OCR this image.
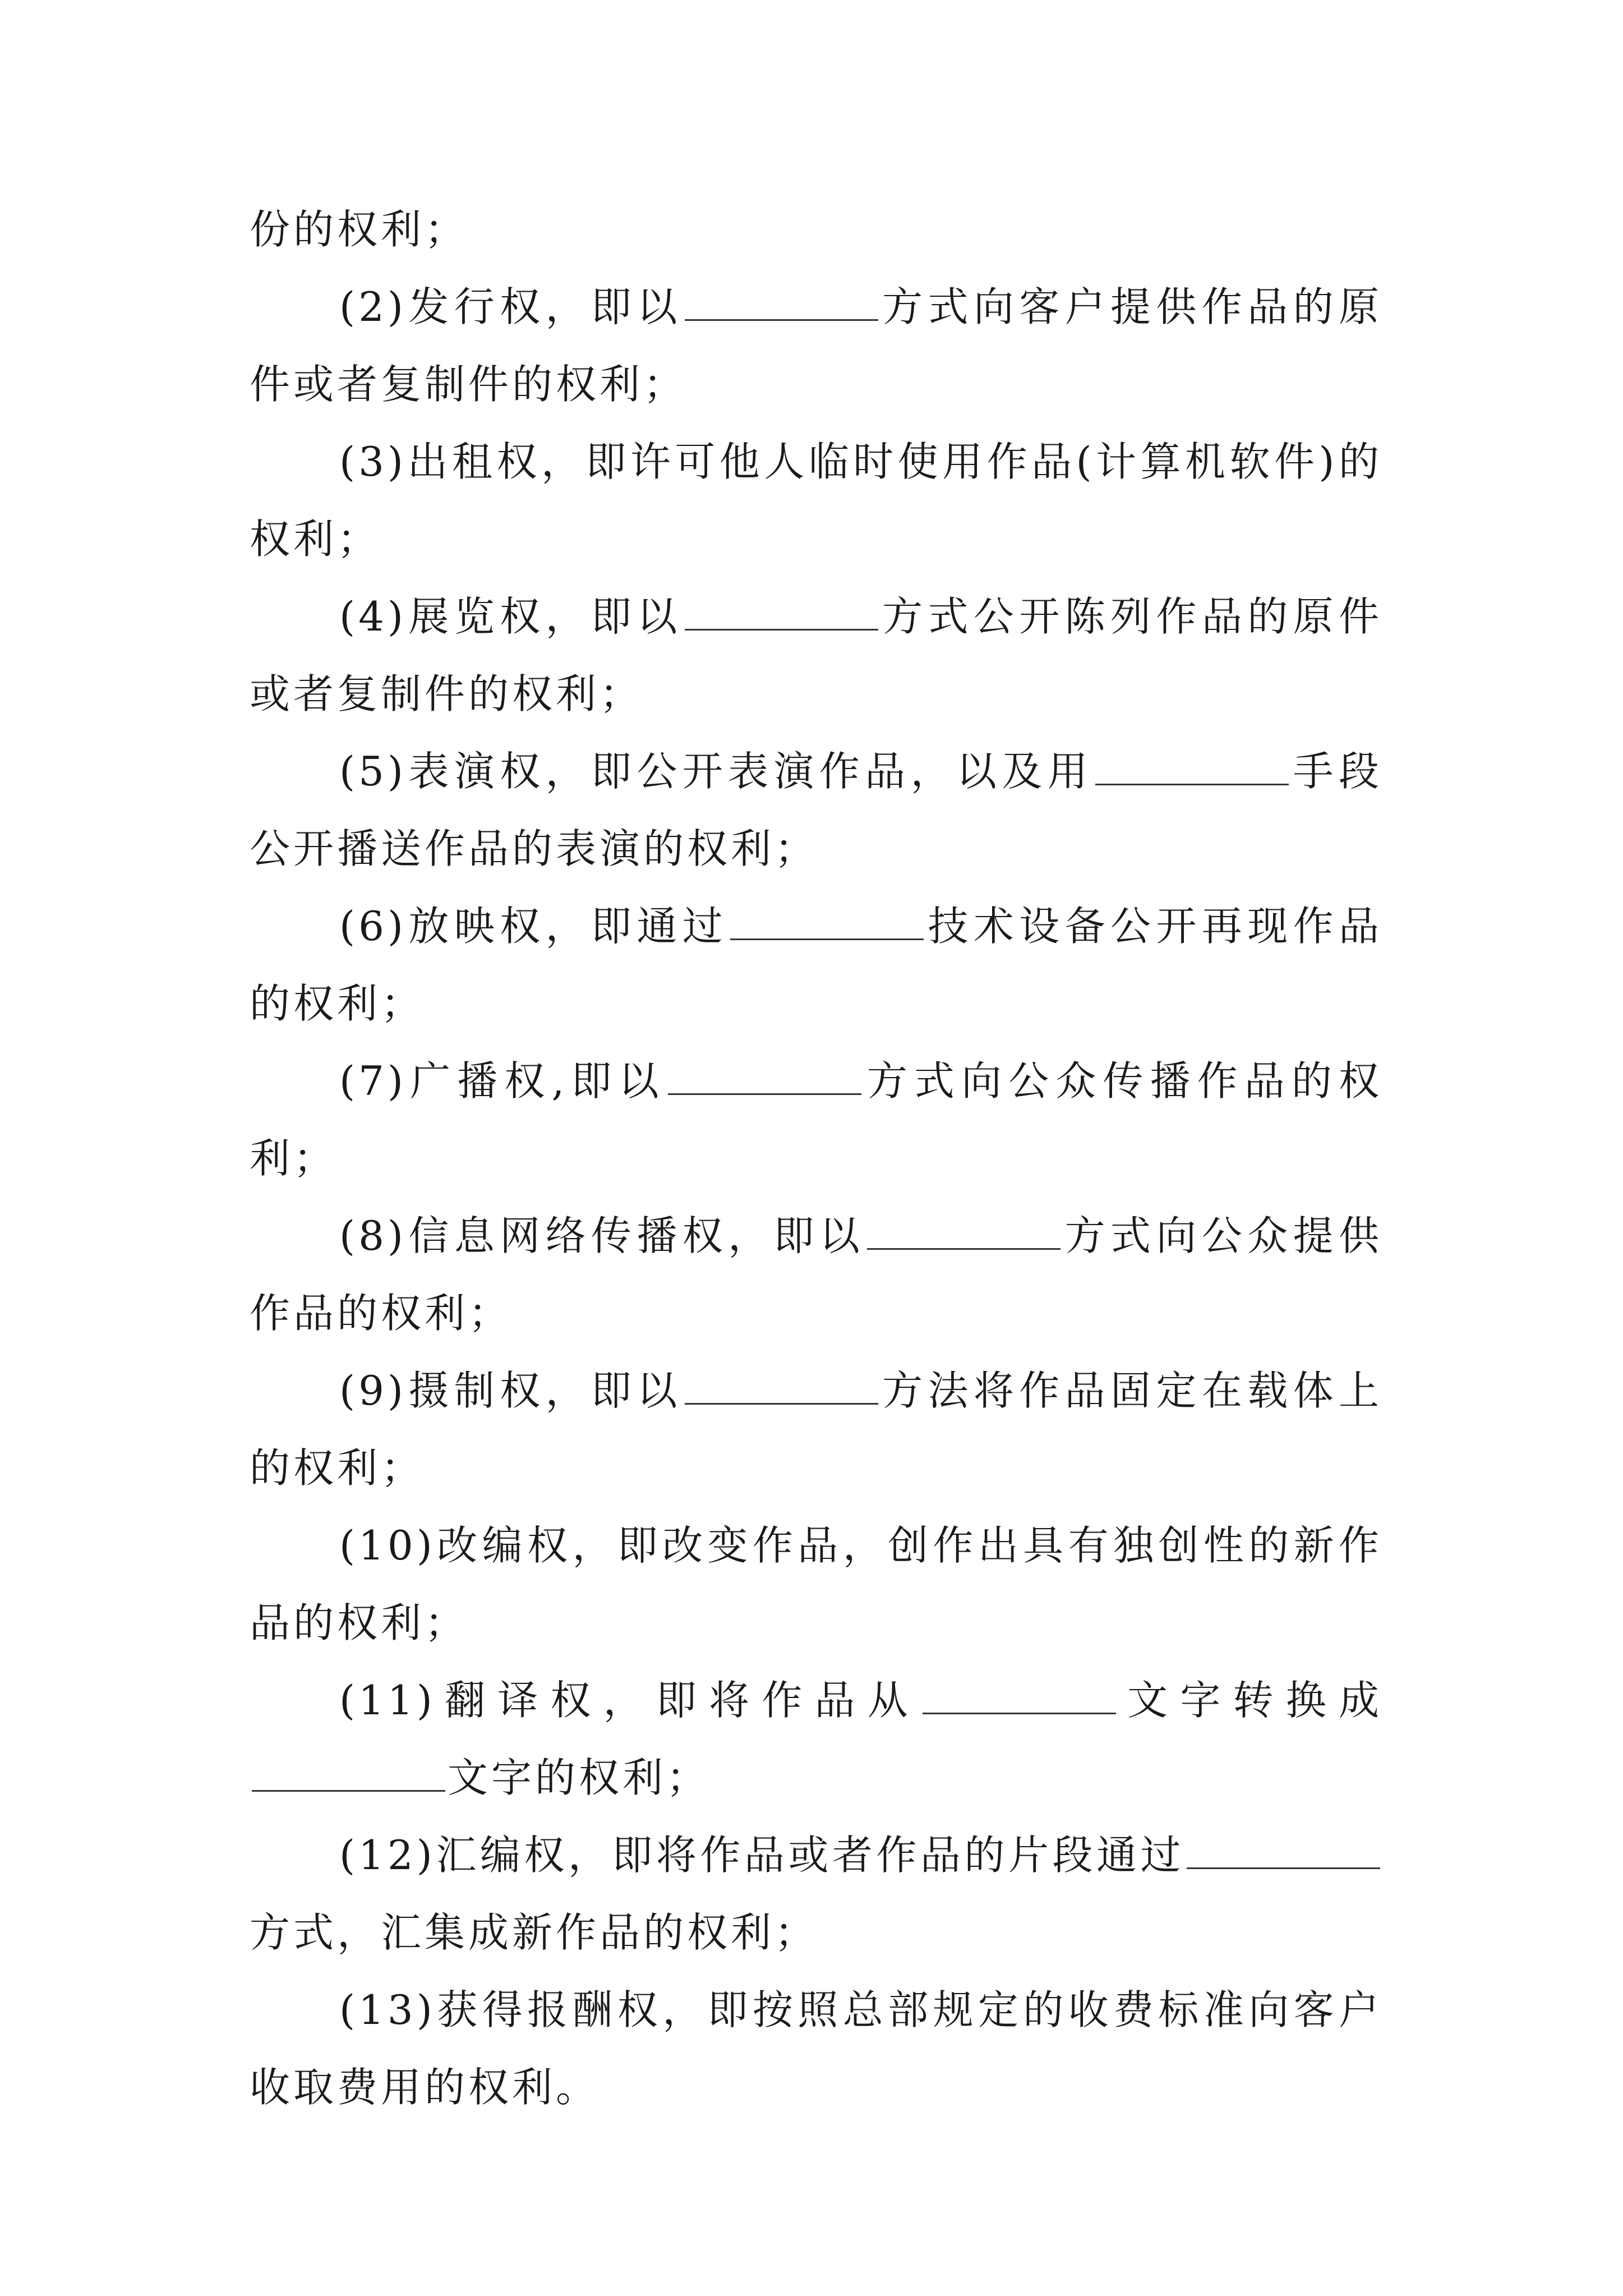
份的权利；

(2)发行权，即以	方式向客户提供作品的原件或者复制件的权利；

(3)出租权，即许可他人临时使用作品(计算机软件)的权利；

(4)展览权，即以	方式公开陈列作品的原件或者复制件的权利；

(5)表演权，即公开表演作品，以及用	手段公开播送作品的表演的权利；

(6)放映权，即通过	技术设备公开再现作品的权利；

(7)广播权,即以	方式向公众传播作品的权利；

(8)信息网络传播权，即以	方式向公众提供作品的权利；

(9)摄制权，即以	方法将作品固定在载体上的权利；

(10)改编权，即改变作品，创作出具有独创性的新作品的权利；

(11)翻译权，即将作品从	文字转换成文字的权利；

(12)汇编权，即将作品或者作品的片段通过方式，汇集成新作品的权利；

(13)获得报酬权，即按照总部规定的收费标准向客户收取费用的权利。
